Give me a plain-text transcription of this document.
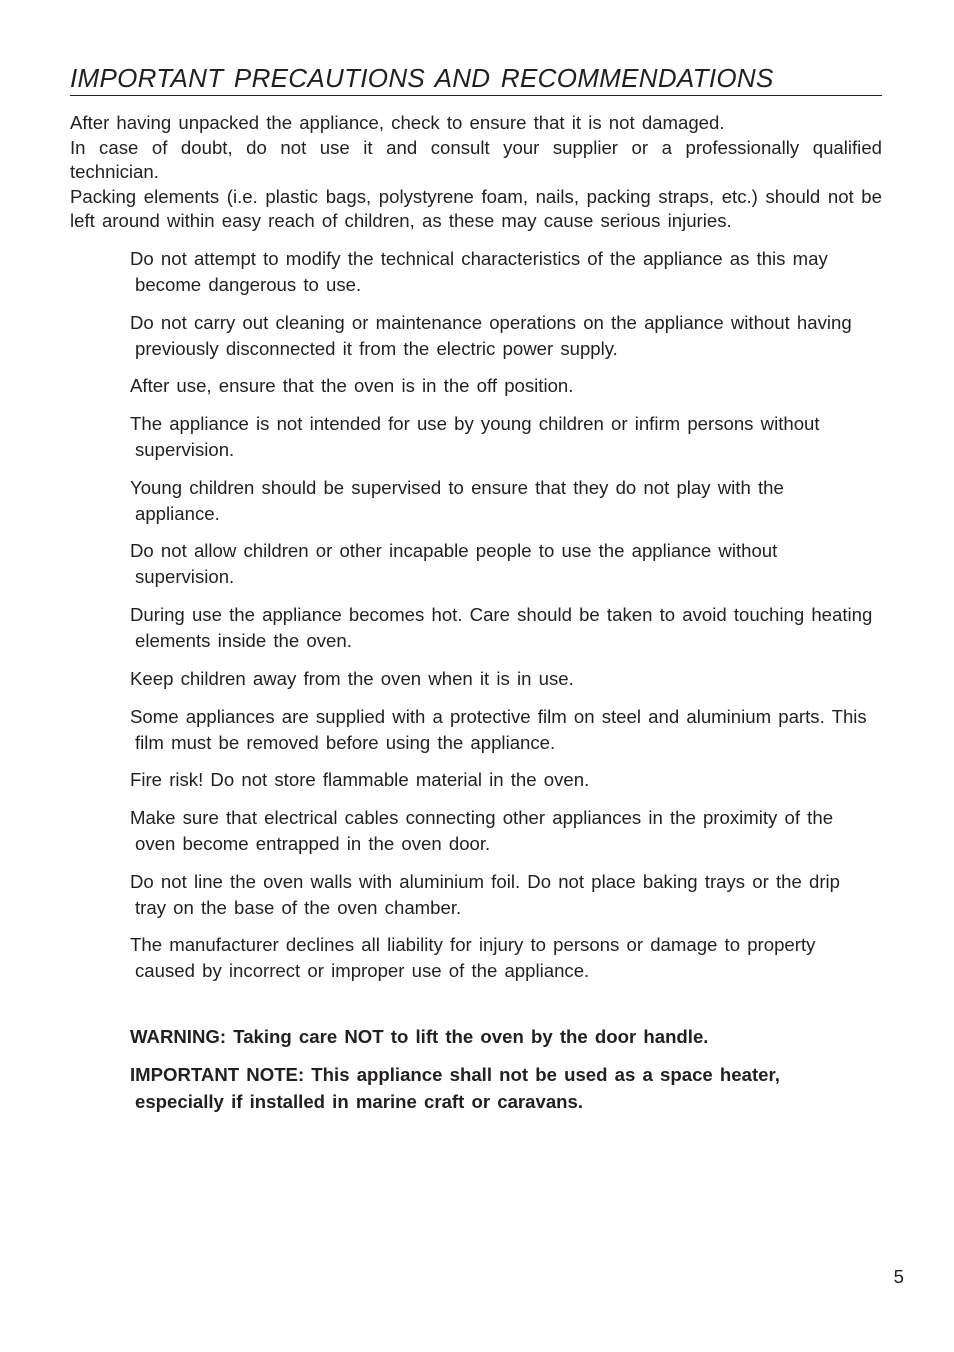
IMPORTANT PRECAUTIONS AND RECOMMENDATIONS

After having unpacked the appliance, check to ensure that it is not damaged.

In case of doubt, do not use it and consult your supplier or a professionally qualified technician.

Packing elements (i.e. plastic bags, polystyrene foam, nails, packing straps, etc.) should not be left around within easy reach of children, as these may cause serious injuries.

Do not attempt to modify the technical characteristics of the appliance as this may become dangerous to use.

Do not carry out cleaning or maintenance operations on the appliance without having previously disconnected it from the electric power supply.

After use, ensure that the oven is in the off position.

The appliance is not intended for use by young children or infirm persons without supervision.

Young children should be supervised to ensure that they do not play with the appliance.

Do not allow children or other incapable people to use the appliance without supervision.

During use the appliance becomes hot. Care should be taken to avoid touching heating elements inside the oven.

Keep children away from the oven when it is in use.

Some appliances are supplied with a protective film on steel and aluminium parts. This film must be removed before using the appliance.

Fire risk! Do not store flammable material in the oven.

Make sure that electrical cables connecting other appliances in the proximity of the oven become entrapped in the oven door.

Do not line the oven walls with aluminium foil. Do not place baking trays or the drip tray on the base of the oven chamber.

The manufacturer declines all liability for injury to persons or damage to property caused by incorrect or improper use of the appliance.

WARNING: Taking care NOT to lift the oven by the door handle.

IMPORTANT NOTE: This appliance shall not be used as a space heater, especially if installed in marine craft or caravans.

5
